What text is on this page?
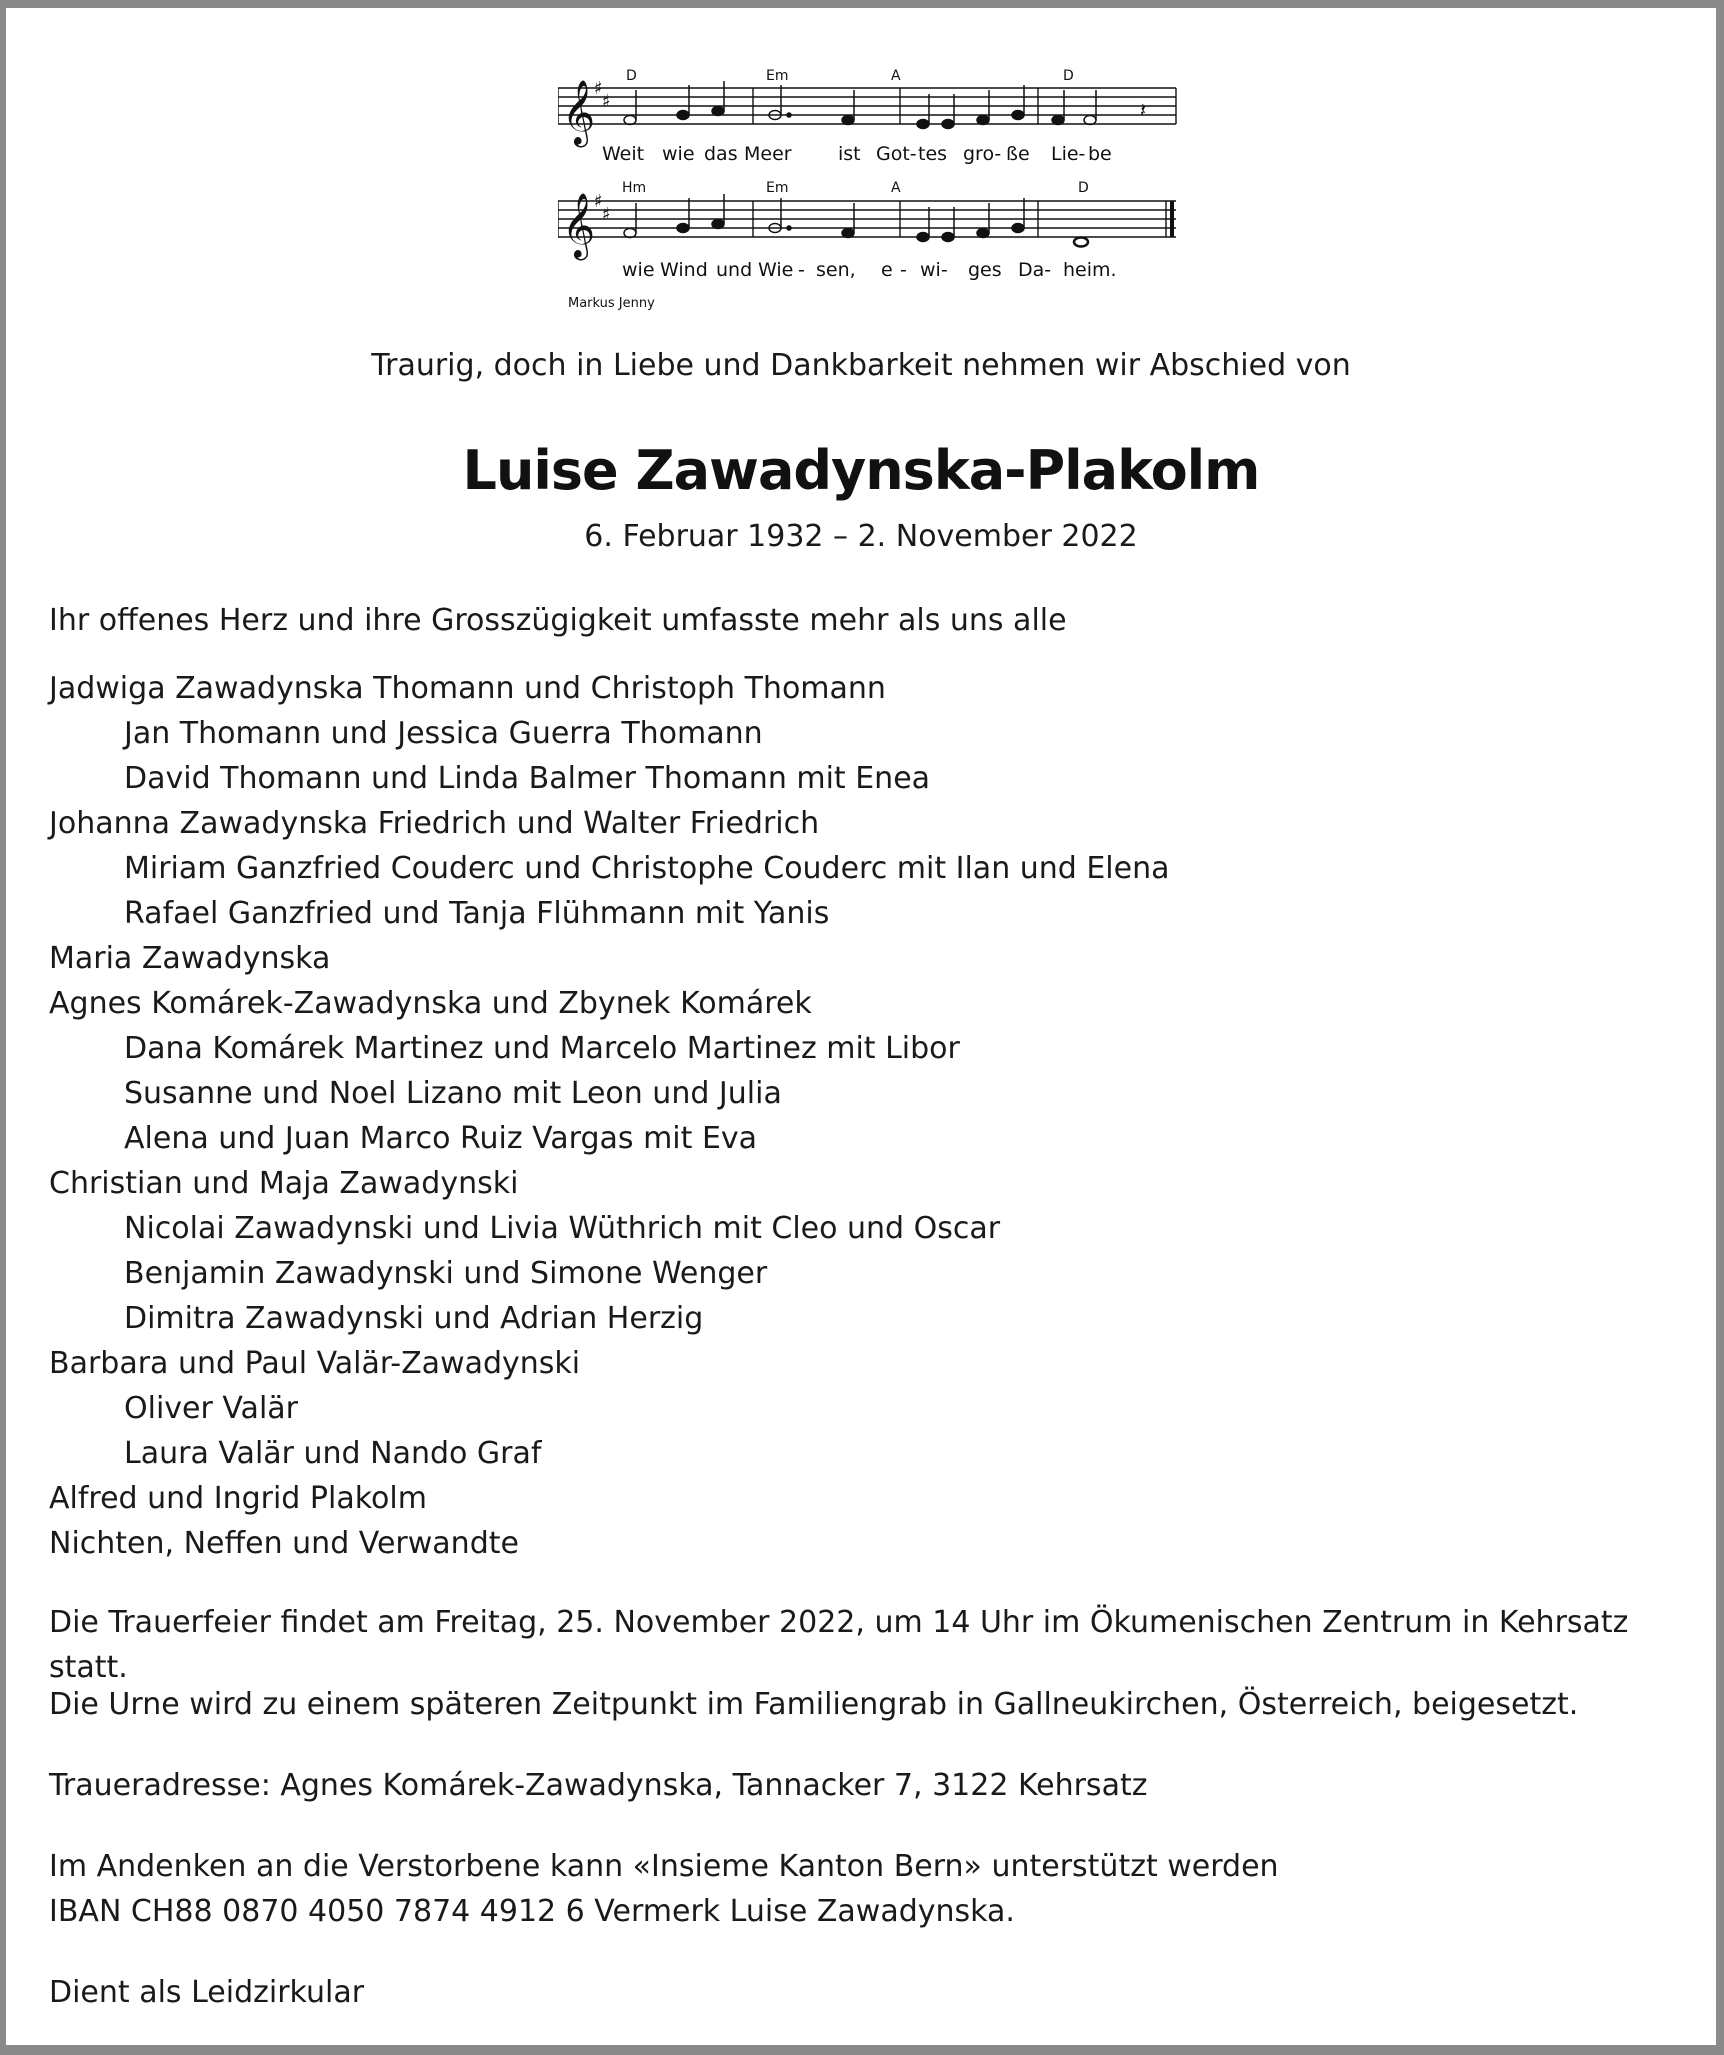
𝄞
𝄞
♯
♯
♯
♯
𝄽
D	Em	A	D
Weit wie das Meer ist Got- tes gro- ße Lie- be
Hm	Em	A	D
wie Wind und Wie - sen, e - wi- ges Da- heim.
Markus Jenny
Traurig, doch in Liebe und Dankbarkeit nehmen wir Abschied von
Luise Zawadynska-Plakolm
6. Februar 1932 – 2. November 2022
Ihr offenes Herz und ihre Grosszügigkeit umfasste mehr als uns alle
Jadwiga Zawadynska Thomann und Christoph Thomann
Jan Thomann und Jessica Guerra Thomann
David Thomann und Linda Balmer Thomann mit Enea
Johanna Zawadynska Friedrich und Walter Friedrich
Miriam Ganzfried Couderc und Christophe Couderc mit Ilan und Elena
Rafael Ganzfried und Tanja Flühmann mit Yanis
Maria Zawadynska
Agnes Komárek-Zawadynska und Zbynek Komárek
Dana Komárek Martinez und Marcelo Martinez mit Libor
Susanne und Noel Lizano mit Leon und Julia
Alena und Juan Marco Ruiz Vargas mit Eva
Christian und Maja Zawadynski
Nicolai Zawadynski und Livia Wüthrich mit Cleo und Oscar
Benjamin Zawadynski und Simone Wenger
Dimitra Zawadynski und Adrian Herzig
Barbara und Paul Valär-Zawadynski
Oliver Valär
Laura Valär und Nando Graf
Alfred und Ingrid Plakolm
Nichten, Neffen und Verwandte
Die Trauerfeier findet am Freitag, 25. November 2022, um 14 Uhr im Ökumenischen Zentrum in Kehrsatz statt.
Die Urne wird zu einem späteren Zeitpunkt im Familiengrab in Gallneukirchen, Österreich, beigesetzt.
Traueradresse: Agnes Komárek-Zawadynska, Tannacker 7, 3122 Kehrsatz
Im Andenken an die Verstorbene kann «Insieme Kanton Bern» unterstützt werden
IBAN CH88 0870 4050 7874 4912 6 Vermerk Luise Zawadynska.
Dient als Leidzirkular
